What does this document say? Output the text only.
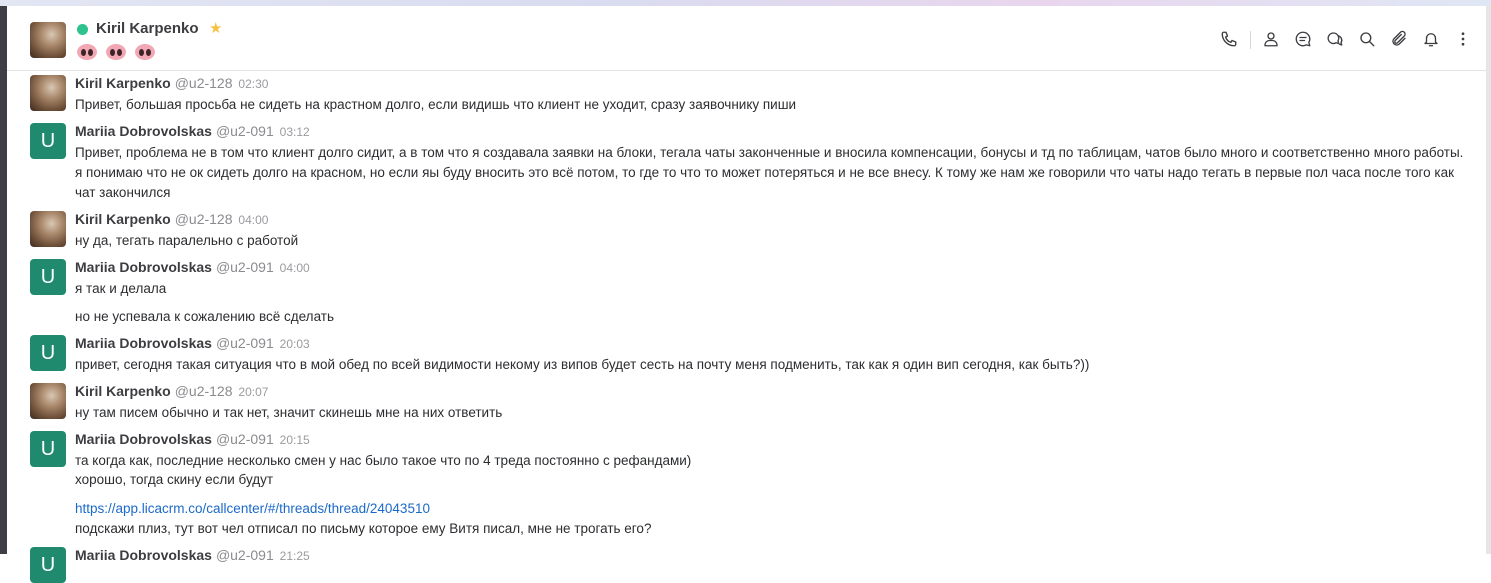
Kiril Karpenko ★
Kiril Karpenko @u2-128 02:30
Привет, большая просьба не сидеть на крастном долго, если видишь что клиент не уходит, сразу заявочнику пиши
U	Mariia Dobrovolskas @u2-091 03:12
Привет, проблема не в том что клиент долго сидит, а в том что я создавала заявки на блоки, тегала чаты законченные и вносила компенсации, бонусы и тд по таблицам, чатов было много и соответственно много работы. я понимаю что не ок сидеть долго на красном, но если яы буду вносить это всё потом, то где то что то может потеряться и не все внесу. К тому же нам же говорили что чаты надо тегать в первые пол часа после того как чат закончился
Kiril Karpenko @u2-128 04:00
ну да, тегать паралельно с работой
U	Mariia Dobrovolskas @u2-091 04:00
я так и делала
но не успевала к сожалению всё сделать
U	Mariia Dobrovolskas @u2-091 20:03
привет, сегодня такая ситуация что в мой обед по всей видимости некому из випов будет сесть на почту меня подменить, так как я один вип сегодня, как быть?))
Kiril Karpenko @u2-128 20:07
ну там писем обычно и так нет, значит скинешь мне на них ответить
U	Mariia Dobrovolskas @u2-091 20:15
та когда как, последние несколько смен у нас было такое что по 4 треда постоянно с рефандами)
хорошо, тогда скину если будут
https://app.licacrm.co/callcenter/#/threads/thread/24043510
подскажи плиз, тут вот чел отписал по письму которое ему Витя писал, мне не трогать его?
U	Mariia Dobrovolskas @u2-091 21:25
